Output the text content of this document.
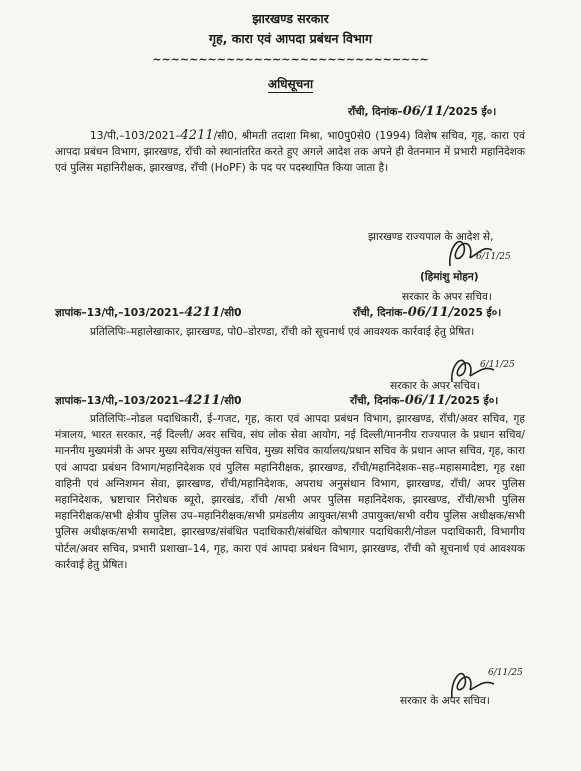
झारखण्ड सरकार
गृह, कारा एवं आपदा प्रबंधन विभाग
~~~~~~~~~~~~~~~~~~~~~~~~~~~~~~
अधिसूचना
राँची, दिनांक–06/11/2025 ई०।

13/पी,–103/2021–4211/सी0, श्रीमती तदाशा मिश्रा, भा0पु0से0 (1994) विशेष सचिव, गृह, कारा एवं आपदा प्रबंधन विभाग, झारखण्ड, राँची को स्थानांतरित करते हुए अगले आदेश तक अपने ही वेतनमान में प्रभारी महानिदेशक एवं पुलिस महानिरीक्षक, झारखण्ड, राँची (HoPF) के पद पर पदस्थापित किया जाता है।

झारखण्ड राज्यपाल के आदेश से,
6/11/25
(हिमांशु मोहन)
सरकार के अपर सचिव।
ज्ञापांक–13/पी,–103/2021–4211/सी0	राँची, दिनांक–06/11/2025 ई०।

प्रतिलिपिः–महालेखाकार, झारखण्ड, पो0–डोरण्डा, राँची को सूचनार्थ एवं आवश्यक कार्रवाई हेतु प्रेषित।

6/11/25
सरकार के अपर सचिव।
ज्ञापांक–13/पी,–103/2021–4211/सी0	राँची, दिनांक–06/11/2025 ई०।

प्रतिलिपिः–नोडल पदाधिकारी, ई–गजट, गृह, कारा एवं आपदा प्रबंधन विभाग, झारखण्ड, राँची/अवर सचिव, गृह मंत्रालय, भारत सरकार, नई दिल्ली/ अवर सचिव, संघ लोक सेवा आयोग, नई दिल्ली/माननीय राज्यपाल के प्रधान सचिव/माननीय मुख्यमंत्री के अपर मुख्य सचिव/संयुक्त सचिव, मुख्य सचिव कार्यालय/प्रधान सचिव के प्रधान आप्त सचिव, गृह, कारा एवं आपदा प्रबंधन विभाग/महानिदेशक एवं पुलिस महानिरीक्षक, झारखण्ड, राँची/महानिदेशक–सह–महासमादेष्टा, गृह रक्षा वाहिनी एवं अग्निशमन सेवा, झारखण्ड, राँची/महानिदेशक, अपराध अनुसंधान विभाग, झारखण्ड, राँची/ अपर पुलिस महानिदेशक, भ्रष्टाचार निरोधक ब्यूरो, झारखंड, राँची /सभी अपर पुलिस महानिदेशक, झारखण्ड, राँची/सभी पुलिस महानिरीक्षक/सभी क्षेत्रीय पुलिस उप–महानिरीक्षक/सभी प्रमंडलीय आयुक्त/सभी उपायुक्त/सभी वरीय पुलिस अधीक्षक/सभी पुलिस अधीक्षक/सभी समादेष्टा, झारखण्ड/संबंधित पदाधिकारी/संबंधित कोषागार पदाधिकारी/नोडल पदाधिकारी, विभागीय पोर्टल/अवर सचिव, प्रभारी प्रशाखा–14, गृह, कारा एवं आपदा प्रबंधन विभाग, झारखण्ड, राँची को सूचनार्थ एवं आवश्यक कार्रवाई हेतु प्रेषित।

6/11/25
सरकार के अपर सचिव।
